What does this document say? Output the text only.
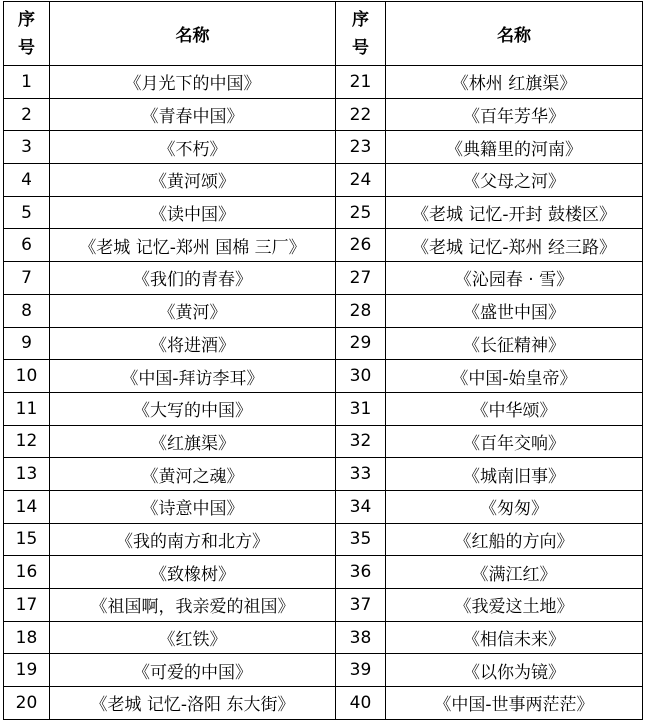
序
号	名称	序
号	名称
1	《月光下的中国》	21	《林州 红旗渠》
2	《青春中国》	22	《百年芳华》
3	《不朽》	23	《典籍里的河南》
4	《黄河颂》	24	《父母之河》
5	《读中国》	25	《老城 记忆-开封 鼓楼区》
6	《老城 记忆-郑州 国棉 三厂》	26	《老城 记忆-郑州 经三路》
7	《我们的青春》	27	《沁园春 · 雪》
8	《黄河》	28	《盛世中国》
9	《将进酒》	29	《长征精神》
10	《中国-拜访李耳》	30	《中国-始皇帝》
11	《大写的中国》	31	《中华颂》
12	《红旗渠》	32	《百年交响》
13	《黄河之魂》	33	《城南旧事》
14	《诗意中国》	34	《匆匆》
15	《我的南方和北方》	35	《红船的方向》
16	《致橡树》	36	《满江红》
17	《祖国啊，我亲爱的祖国》	37	《我爱这土地》
18	《红铁》	38	《相信未来》
19	《可爱的中国》	39	《以你为镜》
20	《老城 记忆-洛阳 东大街》	40	《中国-世事两茫茫》
